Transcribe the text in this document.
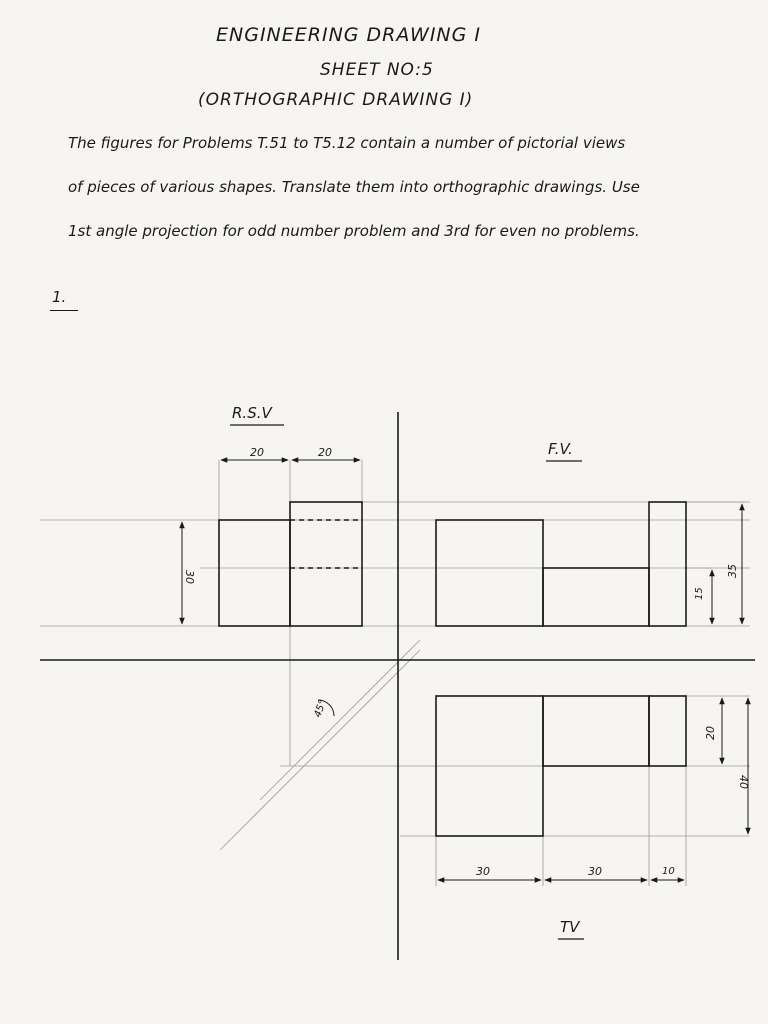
ENGINEERING DRAWING I
SHEET NO:5
(ORTHOGRAPHIC DRAWING I)
The figures for Problems T.51 to T5.12 contain a number of pictorial views
of pieces of various shapes. Translate them into orthographic drawings. Use
1st angle projection for odd number problem and 3rd for even no problems.
1.
R.S.V
F.V.
TV
20	20
30
15
35
20
40
30	30	10
45°
